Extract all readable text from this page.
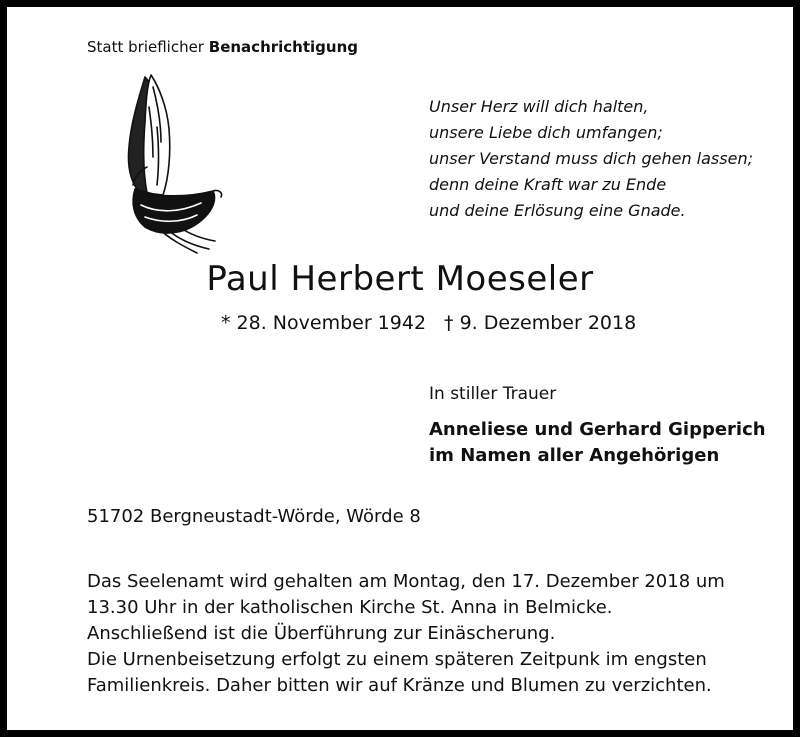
Statt brieflicher Benachrichtigung
Unser Herz will dich halten,
unsere Liebe dich umfangen;
unser Verstand muss dich gehen lassen;
denn deine Kraft war zu Ende
und deine Erlösung eine Gnade.
Paul Herbert Moeseler
* 28. November 1942 † 9. Dezember 2018
In stiller Trauer
Anneliese und Gerhard Gipperich
im Namen aller Angehörigen
51702 Bergneustadt-Wörde, Wörde 8
Das Seelenamt wird gehalten am Montag, den 17. Dezember 2018 um
13.30 Uhr in der katholischen Kirche St. Anna in Belmicke.
Anschließend ist die Überführung zur Einäscherung.
Die Urnenbeisetzung erfolgt zu einem späteren Zeitpunk im engsten
Familienkreis. Daher bitten wir auf Kränze und Blumen zu verzichten.
